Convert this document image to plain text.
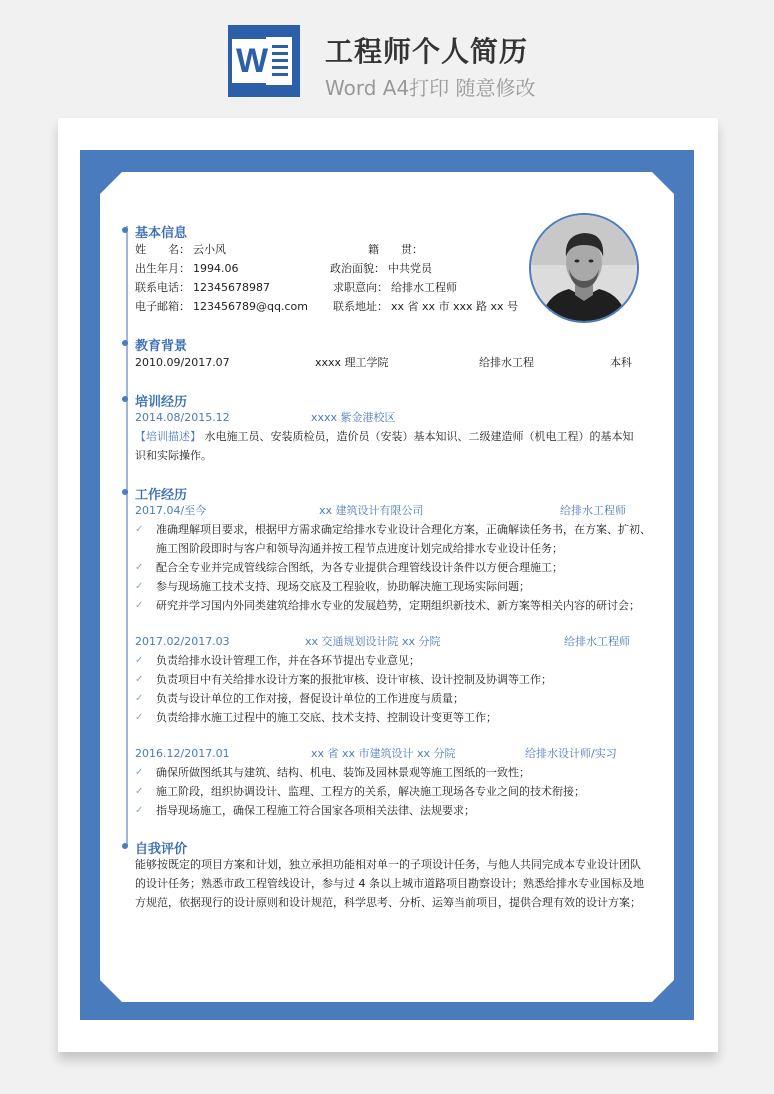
W 工程师个人简历
Word A4打印 随意修改
基本信息
姓　　名： 云小风	籍　　贯：
出生年月： 1994.06	政治面貌： 中共党员
联系电话： 12345678987	求职意向： 给排水工程师
电子邮箱： 123456789@qq.com 联系地址： xx 省 xx 市 xxx 路 xx 号
教育背景
2010.09/2017.07	xxxx 理工学院	给排水工程	本科
培训经历
2014.08/2015.12	xxxx 紫金港校区
【培训描述】 水电施工员、安装质检员，造价员（安装）基本知识、二级建造师（机电工程）的基本知
识和实际操作。
工作经历
2017.04/至今	xx 建筑设计有限公司	给排水工程师
✓ 准确理解项目要求，根据甲方需求确定给排水专业设计合理化方案，正确解读任务书，在方案、扩初、
施工图阶段即时与客户和领导沟通并按工程节点进度计划完成给排水专业设计任务；
✓ 配合全专业并完成管线综合图纸，为各专业提供合理管线设计条件以方便合理施工；
✓ 参与现场施工技术支持、现场交底及工程验收，协助解决施工现场实际问题；
✓ 研究并学习国内外同类建筑给排水专业的发展趋势，定期组织新技术、新方案等相关内容的研讨会；
2017.02/2017.03	xx 交通规划设计院 xx 分院	给排水工程师
✓ 负责给排水设计管理工作，并在各环节提出专业意见；
✓ 负责项目中有关给排水设计方案的报批审核、设计审核、设计控制及协调等工作；
✓ 负责与设计单位的工作对接，督促设计单位的工作进度与质量；
✓ 负责给排水施工过程中的施工交底、技术支持、控制设计变更等工作；
2016.12/2017.01	xx 省 xx 市建筑设计 xx 分院	给排水设计师/实习
✓ 确保所做图纸其与建筑、结构、机电、装饰及园林景观等施工图纸的一致性；
✓ 施工阶段，组织协调设计、监理、工程方的关系，解决施工现场各专业之间的技术衔接；
✓ 指导现场施工，确保工程施工符合国家各项相关法律、法规要求；
自我评价
能够按既定的项目方案和计划，独立承担功能相对单一的子项设计任务，与他人共同完成本专业设计团队
的设计任务；熟悉市政工程管线设计，参与过 4 条以上城市道路项目勘察设计；熟悉给排水专业国标及地
方规范，依据现行的设计原则和设计规范，科学思考、分析、运筹当前项目，提供合理有效的设计方案；
